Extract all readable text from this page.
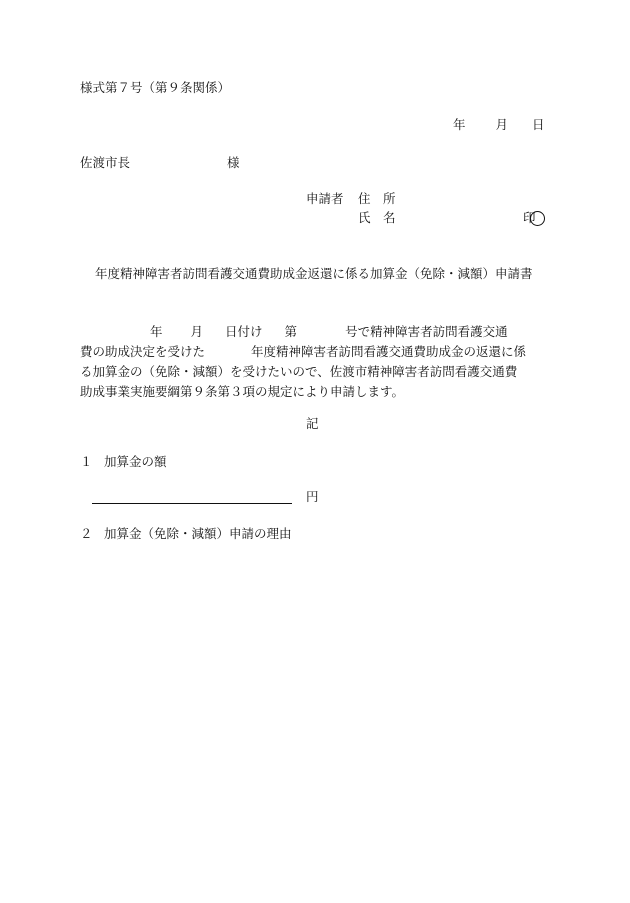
様式第７号（第９条関係）
年 月 日
佐渡市長	様
申請者 住　所
氏　名	印
年度精神障害者訪問看護交通費助成金返還に係る加算金（免除・減額）申請書
年 月 日付け 第	号で精神障害者訪問看護交通
費の助成決定を受けた	年度精神障害者訪問看護交通費助成金の返還に係
る加算金の（免除・減額）を受けたいので、佐渡市精神障害者訪問看護交通費
助成事業実施要綱第９条第３項の規定により申請します。
記
１ 加算金の額
円
２ 加算金（免除・減額）申請の理由
